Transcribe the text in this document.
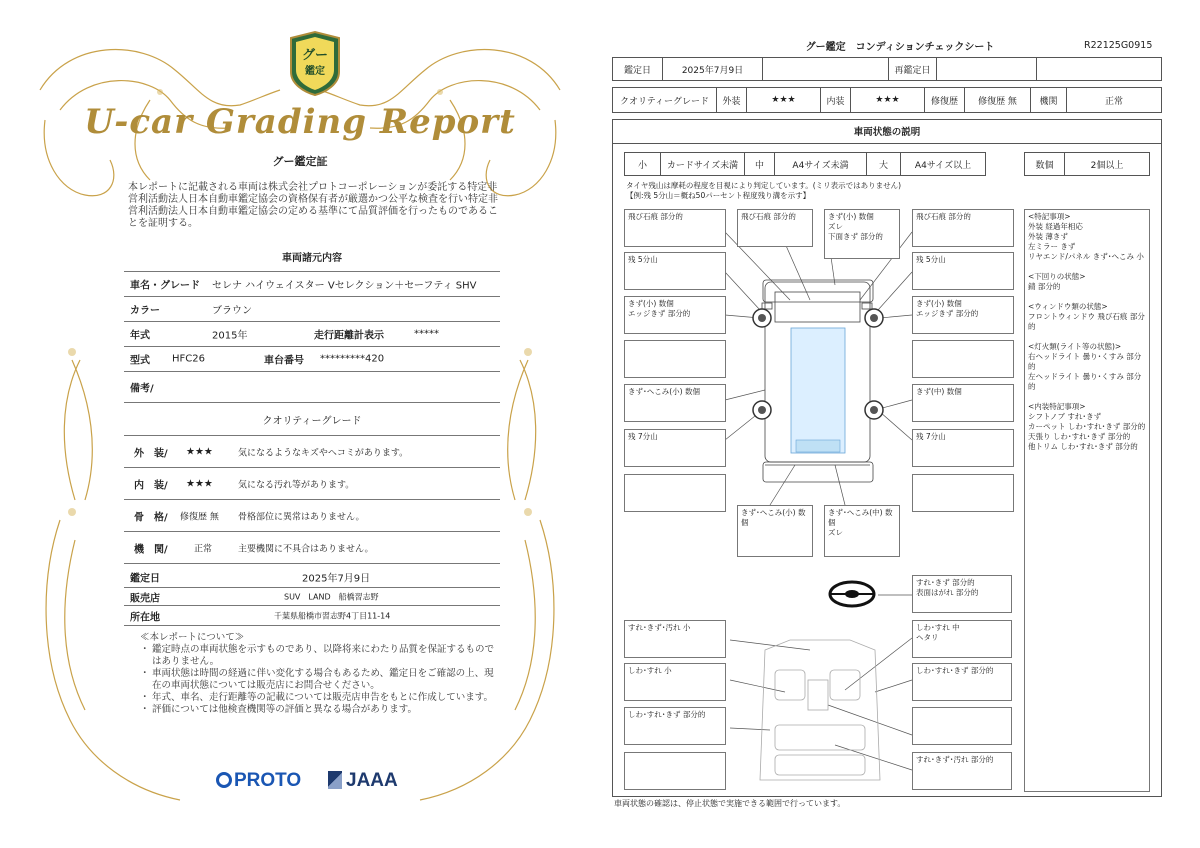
グー
鑑定
U-car Grading Report
グー鑑定証
本レポートに記載される車両は株式会社プロトコーポレーションが委託する特定非営利活動法人日本自動車鑑定協会の資格保有者が厳選かつ公平な検査を行い特定非営利活動法人日本自動車鑑定協会の定める基準にて品質評価を行ったものであることを証明する。
車両諸元内容
車名・グレード セレナ ハイウェイスター Vセレクション＋セーフティ SHV
カラー	ブラウン
年式	2015年	走行距離計表示	*****
型式 HFC26	車台番号 *********420
備考/
クオリティーグレード
外　装/ ★★★	気になるようなキズやヘコミがあります。
内　装/ ★★★	気になる汚れ等があります。
骨　格/ 修復歴 無 骨格部位に異常はありません。
機　関/	正常	主要機関に不具合はありません。
鑑定日	2025年7月9日
販売店	SUV　LAND　船橋習志野
所在地	千葉県船橋市習志野4丁目11-14
≪本レポートについて≫
・ 鑑定時点の車両状態を示すものであり、以降将来にわたり品質を保証するものではありません。
・ 車両状態は時間の経過に伴い変化する場合もあるため、鑑定日をご確認の上、現在の車両状態については販売店にお問合せください。
・ 年式、車名、走行距離等の記載については販売店申告をもとに作成しています。
・ 評価については他検査機関等の評価と異なる場合があります。
PROTO	JAAA
グー鑑定　コンディションチェックシート	R22125G0915
鑑定日	2025年7月9日	再鑑定日
クオリティーグレード	外装	★★★	内装	★★★	修復歴	修復歴 無	機関	正常
車両状態の説明
小	カードサイズ未満	中	A4サイズ未満	大	A4サイズ以上	数個	2個以上
タイヤ残山は摩耗の程度を目視により判定しています。(ミリ表示ではありません)
【例:残 5分山＝概ね50パーセント程度残り溝を示す】
飛び石痕 部分的
残 5分山
きず(小) 数個
エッジきず 部分的
きず･へこみ(小) 数個
残 7分山
飛び石痕 部分的	きず(小) 数個
ズレ
下面きず 部分的
飛び石痕 部分的
残 5分山
きず(小) 数個
エッジきず 部分的
きず(中) 数個
残 7分山
きず･へこみ(小) 数個
きず･へこみ(中) 数個
ズレ
<特記事項>
外装 経過年相応
外装 薄きず
左ミラー きず
リヤエンド/パネル きず･へこみ 小

<下回りの状態>
錆 部分的

<ウィンドウ類の状態>
フロントウィンドウ 飛び石痕 部分的

<灯火類(ライト等の状態)>
右ヘッドライト 曇り･くすみ 部分的
左ヘッドライト 曇り･くすみ 部分的

<内装特記事項>
シフトノブ すれ･きず
カーペット しわ･すれ･きず 部分的
天張り しわ･すれ･きず 部分的
他トリム しわ･すれ･きず 部分的
すれ･きず 部分的
表面はがれ 部分的
すれ･きず･汚れ 小
しわ･すれ 小
しわ･すれ･きず 部分的
しわ･すれ 中
ヘタリ
しわ･すれ･きず 部分的
すれ･きず･汚れ 部分的
車両状態の確認は、停止状態で実施できる範囲で行っています。
